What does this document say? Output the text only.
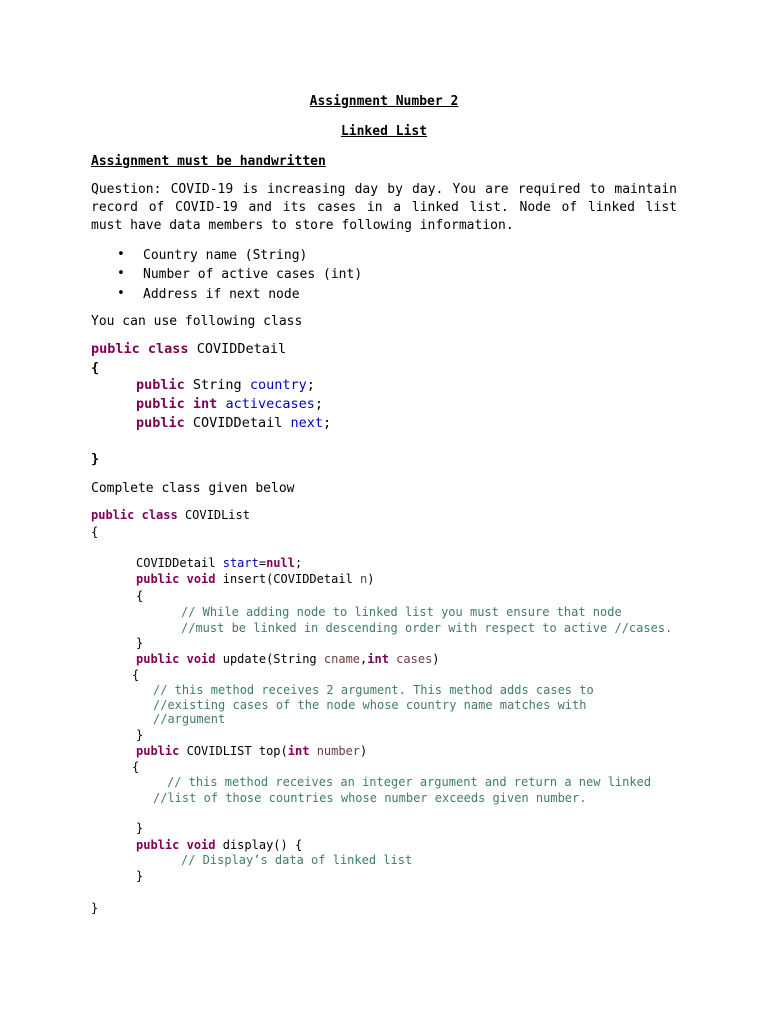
Assignment Number 2
Linked List
Assignment must be handwritten
Question: COVID-19 is increasing day by day. You are required to maintain record of COVID-19 and its cases in a linked list. Node of linked list must have data members to store following information.
• Country name (String)
• Number of active cases (int)
• Address if next node
You can use following class
public class COVIDDetail
{
public String country;
public int activecases;
public COVIDDetail next;
}
Complete class given below
public class COVIDList
{
COVIDDetail start=null;
public void insert(COVIDDetail n)
{
// While adding node to linked list you must ensure that node
//must be linked in descending order with respect to active //cases.
}
public void update(String cname,int cases)
{
// this method receives 2 argument. This method adds cases to
//existing cases of the node whose country name matches with
//argument
}
public COVIDLIST top(int number)
{
// this method receives an integer argument and return a new linked
//list of those countries whose number exceeds given number.
}
public void display() {
// Display’s data of linked list
}
}
